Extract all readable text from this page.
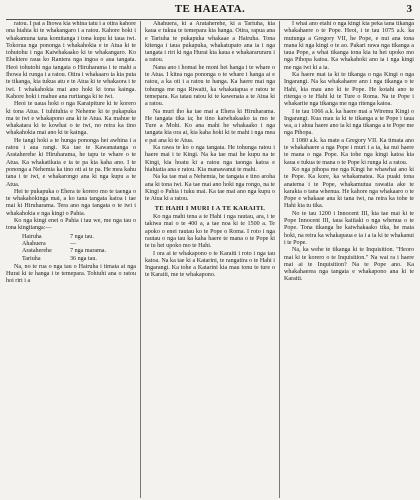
TE HAEATA.	3

ratou. I pai a Ihowa kia whina tatu i a otira kahore ona hiahia ki te whakangaro i a ratou. Kahore hoki i whakamuna tana komitanga i tona kupu ki taua iwi. Tokorua nga pononga i whakahokia e te Atua ki te tohutohu i nga Kaiwhakaako ki te whakangaro. Ko Ehekiere raua ko Raniera nga ingoa o aua tangata. Heoi tohutohi nga tangata o Hiruharama i te mahi a Ihowa ki runga i a ratou. Otira i whakaaro ia kia puta te tikanga, kia tukua atu e te Atua ki te whakaora i te iwi. I whakahokia mai ano hoki ki tona kainga. Kahore hoki i mahue ana ruritanga ki te iwi.

Heoi te uaua hoki o nga Karaipiture ki te korero ki tona Atua. I tuhituhia e Neheme ki te pukapuka ma te iwi e whakapono ana ki te Atua. Ka mahue te whakatara ki te kowhai o te iwi, no reira ka tino whakahokia mai ano ki te kainga.

He tangi hoki a te hunga pononga hei awhina i a ratou i aua rangi. Ka tae te Kawanatanga o Arataherehe ki Hiruharama, he tapu te whare o te Atua. Ka whakatikaia e ia te pa kia kaha ano. I te pononga a Nehemia ka tino oti ai te pa. He mea kahu tana i te iwi, e whakarongo ana ki nga kupu a te Atua.

Hei te pukapuka o Ehera te korero mo te taenga o te whakahokinga mai, a ko tana tangata katoa i tae mai ki Hiruharama. Tera ano nga tangata o te iwi i whakahokia e nga kingi o Pahia.

Ko nga kingi enei o Pahia i tau we, me nga tau o tona kingitanga:—

Hairuha	7 nga tau.
Ahahuera	—
Arataherehe	7 nga marama.
Tariuha	36 nga tau.

Na, no te rua o nga tau o Hairuha i timata ai nga Hurai ki te hanga i te temepara. Tohiuhi ana o ratou hoi riri i a

Ahahuera, ki a Arataherehe, ki a Tariuha, kia kaua e tukua te temepara kia hanga. Otira, rapua ana e Tariuha te pukapuka whakaae a Hairuha. Tona kitenga i taua pukapuka, whakatupato ana ia i nga tangata i riri ki nga Hurai kia kaua e whakararuraru i a ratou.

Nana ano i homai he moni hei hanga i te whare o te Atua. I kitea nga pononga o te whare i hanga ai e ratou, a ka oti i a ratou te hanga. Ka haere mai nga tohunga me nga Riwaiti, ka whakatapua e ratou te temepara. Ka tatau ratou ki te kawenata a te Atua ki a ratou.

Na muri iho ka tae mai a Ehera ki Hiruharama. He tangata tika ia; he tino kaiwhakaako ia mo te Ture a Mohi. Ko ana mahi he whakaako i nga tangata kia ora ai, kia kaha hoki ki te mahi i nga mea e pai ana ki te Atua.

Ka rawa te ko o nga tangata. He tohunga ratou i haere mai i te Kingi. Na ka tae mai he kupu na te Kingi, kia hoatu ki a ratou nga taonga katoa e hiahiatia ana e ratou. Kia manawanui te mahi.

Na ka tae mai a Nehemia, he tangata e tino aroha ana ki tona iwi. Ka tae mai ano hoki nga rongo, na te Kingi o Pahia i tuku mai. Ka tae mai ano nga kupu o te Atua ki a ratou.

TE HAHI I MURI I A TE KARAITI.

Ko nga mahi tena a te Hahi i nga rautau, ara, i te takiwa mai o te 400 a, a tae noa ki te 1500 a. Te apoko o enei rautau ko te Pope o Roma. I roto i nga rautau o nga tau ka kaha haere te mana o te Pope ki te tu hei upoko mo te Hahi.

I ora ai te whakapono o te Karaiti i roto i nga tau katoa. Na ka tae ki a Katarini, te rangatira o te Hahi i Ingarangi. Ka tohe a Katarini kia mau tonu te ture o te Karaiti, me te whakapono.

I whai ano etahi o nga kingi kia peka tana tikanga whakahaere o te Pope. Heoi, i te tau 1075 a.k. ka mutunga a Gregory VII, he Pope, e nui ana tona mana ki nga kingi o te ao. Pakari rawa nga tikanga a taua Pope, a whai tikanga tona kia tu hei upoko mo nga Pihopa katoa. Ka whakahoki ano ia i nga kingi me nga iwi ki a ia.

Ka haere mai ia ki te tikanga o nga Kingi o nga Ingarangi. Na ka whakahaere ano i nga tikanga o te Hahi, kia mau ano ki te Pope. He kotahi ano te ritenga o te Hahi ki te Ture o Roma. Na te Pope i whakarite nga tikanga me nga ritenga katoa.

I te tau 1066 a.k. ka haere mai a Wiremu Kingi o Ingarangi. Kua mau ia ki te tikanga a te Pope i taua wa, a i ahua haere ano ia ki nga tikanga a te Pope me nga Pihopa.

I 1080 a.k. ka mate a Gregory VII. Ka timata ano te whakahaere a nga Pope i muri i a ia, ka nui haere te mana o nga Pope. Ka tohe nga kingi katoa kia kaua e tukua te mana o te Pope ki runga ki a ratou.

Ko nga pihopa me nga Kingi he whawhai ano ki te Pope. Ka kore, ka whakamatea. Ka puaki tona anatema i te Pope, whakamutua rawatia ake te karakia o tana whenua. He kahore nga whakaaro o te Pope e whakaae ana ki tana iwi, na reira ka tohe te Hahi kia tu tika.

No te tau 1200 i Innocent III, kia tae mai ki te Pope Innocent III, taua kaitiaki o nga whenua o te Pope. Tona tikanga he kaiwhakaako tika, he maia hoki, na reira ka whakapaua e ia i a ia ki te whakanui i te Pope.

Na, ka wehe te tikanga ki te Inquisition. "Heoro mai ki te korero o te Inquisition." Na wai ra i haere mai ai te Inquisition? Na te Pope ano. Ka whakahaerea nga tangata e whakapono ana ki te Karaiti.
